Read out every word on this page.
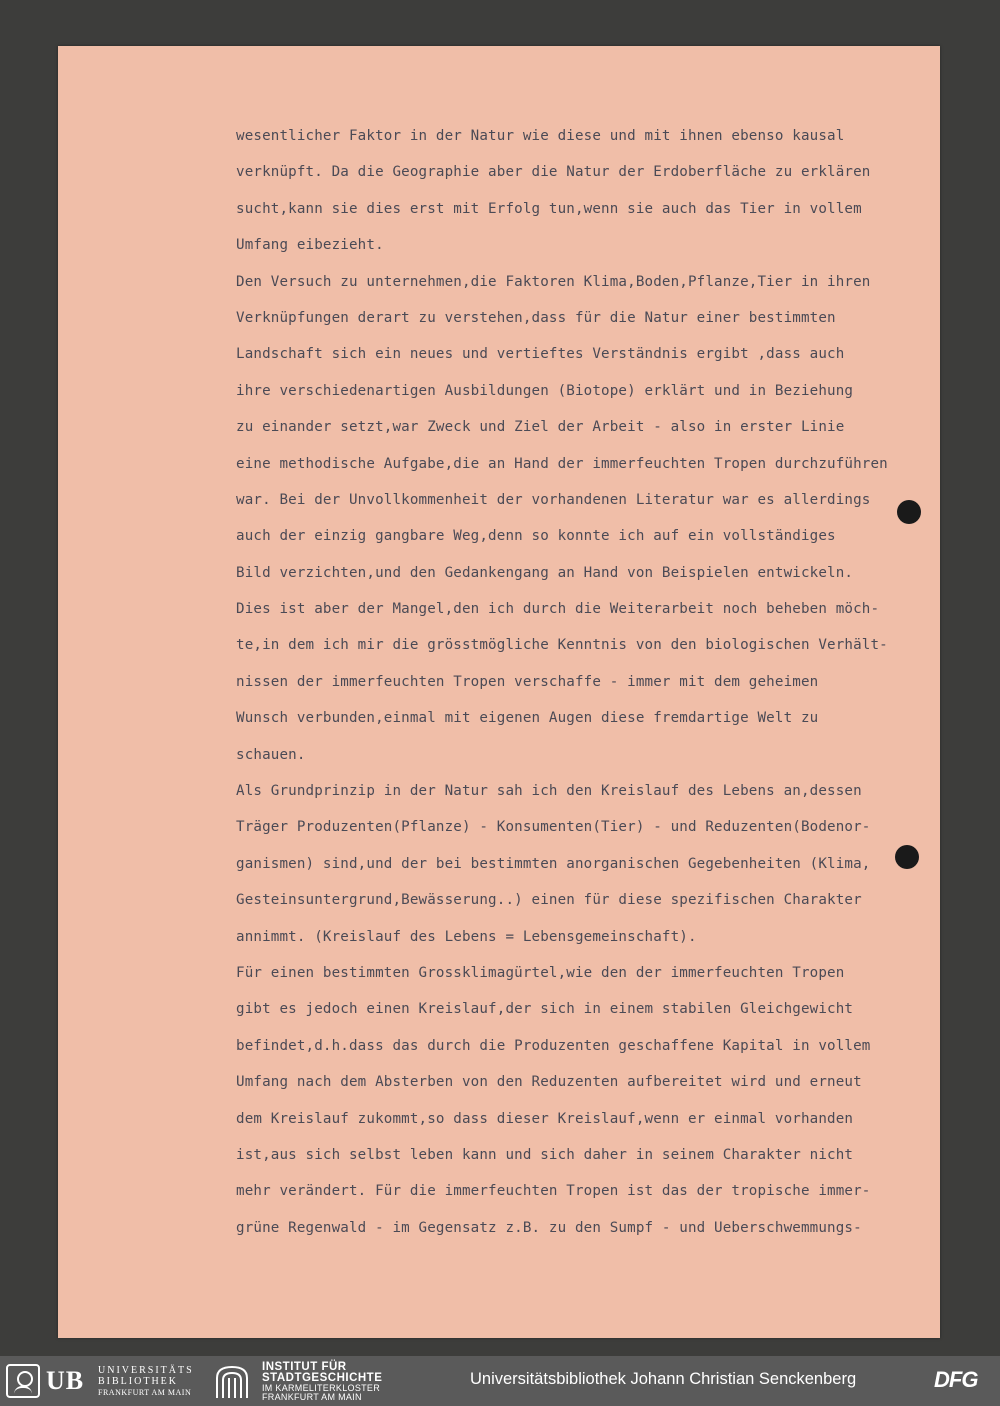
wesentlicher Faktor in der Natur wie diese und mit ihnen ebenso kausal
verknüpft. Da die Geographie aber die Natur der Erdoberfläche zu erklären
sucht,kann sie dies erst mit Erfolg tun,wenn sie auch das Tier in vollem
Umfang eibezieht.
Den Versuch zu unternehmen,die Faktoren Klima,Boden,Pflanze,Tier in ihren
Verknüpfungen derart zu verstehen,dass für die Natur einer bestimmten
Landschaft sich ein neues und vertieftes Verständnis ergibt ,dass auch
ihre verschiedenartigen Ausbildungen (Biotope) erklärt und in Beziehung
zu einander setzt,war Zweck und Ziel der Arbeit - also in erster Linie
eine methodische Aufgabe,die an Hand der immerfeuchten Tropen durchzuführen
war. Bei der Unvollkommenheit der vorhandenen Literatur war es allerdings
auch der einzig gangbare Weg,denn so konnte ich auf ein vollständiges
Bild verzichten,und den Gedankengang an Hand von Beispielen entwickeln.
Dies ist aber der Mangel,den ich durch die Weiterarbeit noch beheben möch-
te,in dem ich mir die grösstmögliche Kenntnis von den biologischen Verhält-
nissen der immerfeuchten Tropen verschaffe - immer mit dem geheimen
Wunsch verbunden,einmal mit eigenen Augen diese fremdartige Welt zu
schauen.
Als Grundprinzip in der Natur sah ich den Kreislauf des Lebens an,dessen
Träger Produzenten(Pflanze) - Konsumenten(Tier) - und Reduzenten(Bodenor-
ganismen) sind,und der bei bestimmten anorganischen Gegebenheiten (Klima,
Gesteinsuntergrund,Bewässerung..) einen für diese spezifischen Charakter
annimmt. (Kreislauf des Lebens = Lebensgemeinschaft).
Für einen bestimmten Grossklimagürtel,wie den der immerfeuchten Tropen
gibt es jedoch einen Kreislauf,der sich in einem stabilen Gleichgewicht
befindet,d.h.dass das durch die Produzenten geschaffene Kapital in vollem
Umfang nach dem Absterben von den Reduzenten aufbereitet wird und erneut
dem Kreislauf zukommt,so dass dieser Kreislauf,wenn er einmal vorhanden
ist,aus sich selbst leben kann und sich daher in seinem Charakter nicht
mehr verändert. Für die immerfeuchten Tropen ist das der tropische immer-
grüne Regenwald - im Gegensatz z.B. zu den Sumpf - und Ueberschwemmungs-
UB UNIVERSITÄTS
BIBLIOTHEK
FRANKFURT AM MAIN
INSTITUT FÜR
STADTGESCHICHTE
IM KARMELITERKLOSTER
FRANKFURT AM MAIN
Universitätsbibliothek Johann Christian Senckenberg	DFG
